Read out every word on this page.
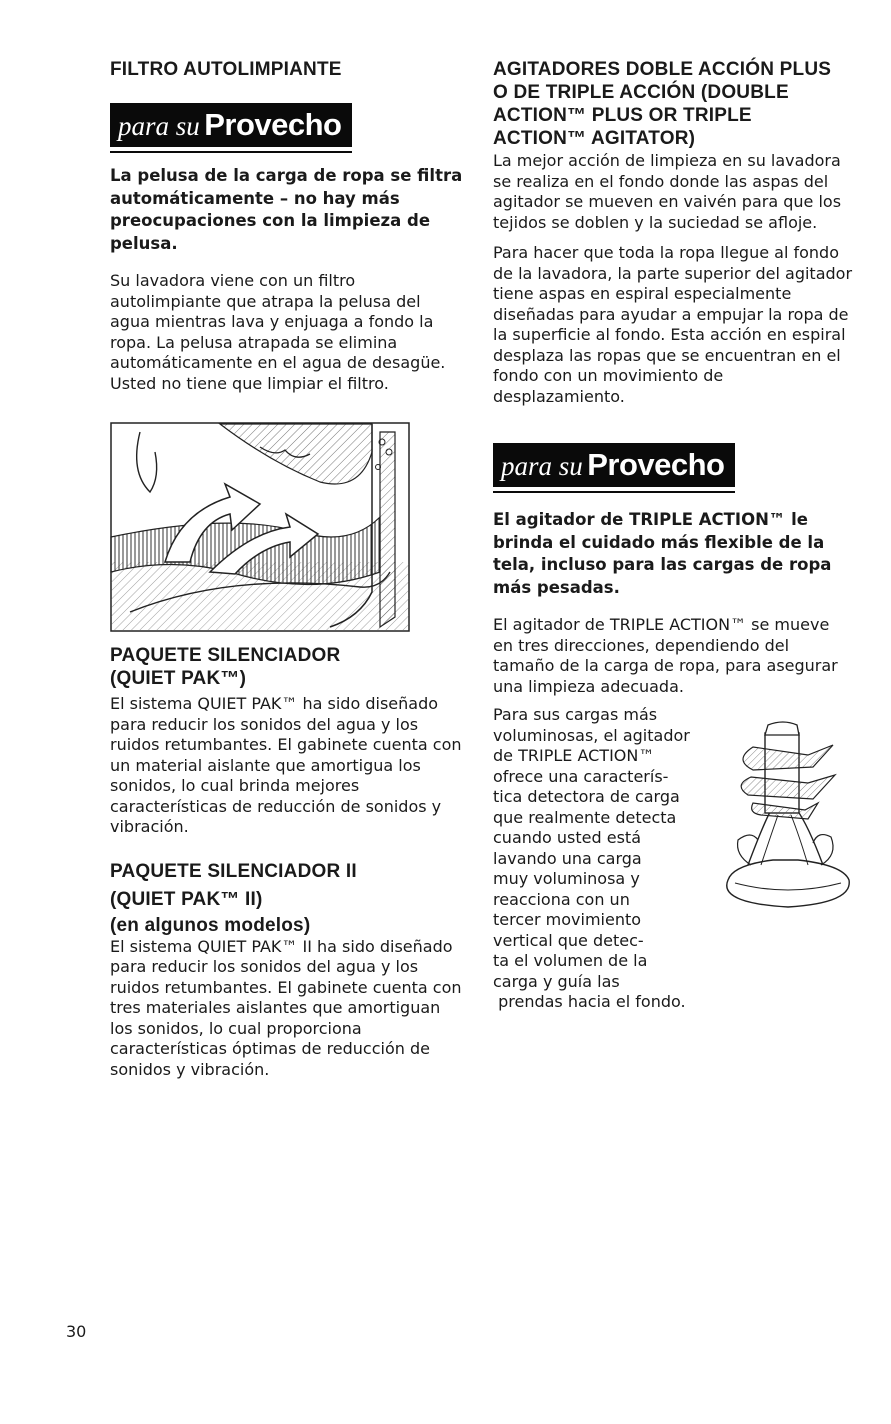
FILTRO AUTOLIMPIANTE
para su Provecho

La pelusa de la carga de ropa se filtra automáticamente – no hay más preocupaciones con la limpieza de pelusa.

Su lavadora viene con un filtro autolimpiante que atrapa la pelusa del agua mientras lava y enjuaga a fondo la ropa. La pelusa atrapada se elimina automáticamente en el agua de desagüe. Usted no tiene que limpiar el filtro.

PAQUETE SILENCIADOR
(QUIET PAK™)

El sistema QUIET PAK™ ha sido diseñado para reducir los sonidos del agua y los ruidos retumbantes. El gabinete cuenta con un material aislante que amortigua los sonidos, lo cual brinda mejores características de reducción de sonidos y vibración.

PAQUETE SILENCIADOR II
(QUIET PAK™ II)
(en algunos modelos)

El sistema QUIET PAK™ II ha sido diseñado para reducir los sonidos del agua y los ruidos retumbantes. El gabinete cuenta con tres materiales aislantes que amortiguan los sonidos, lo cual proporciona características óptimas de reducción de sonidos y vibración.

AGITADORES DOBLE ACCIÓN PLUS
O DE TRIPLE ACCIÓN (DOUBLE
ACTION™ PLUS OR TRIPLE
ACTION™ AGITATOR)

La mejor acción de limpieza en su lavadora se realiza en el fondo donde las aspas del agitador se mueven en vaivén para que los tejidos se doblen y la suciedad se afloje.

Para hacer que toda la ropa llegue al fondo de la lavadora, la parte superior del agitador tiene aspas en espiral especialmente diseñadas para ayudar a empujar la ropa de la superficie al fondo. Esta acción en espiral desplaza las ropas que se encuentran en el fondo con un movimiento de desplazamiento.

para su Provecho

El agitador de TRIPLE ACTION™ le brinda el cuidado más flexible de la tela, incluso para las cargas de ropa más pesadas.

El agitador de TRIPLE ACTION™ se mueve en tres direcciones, dependiendo del tamaño de la carga de ropa, para asegurar una limpieza adecuada.

Para sus cargas más
voluminosas, el agitador
de TRIPLE ACTION™
ofrece una caracterís-
tica detectora de carga
que realmente detecta
cuando usted está
lavando una carga
muy voluminosa y
reacciona con un
tercer movimiento
vertical que detec-
ta el volumen de la
carga y guía las
prendas hacia el fondo.
30
